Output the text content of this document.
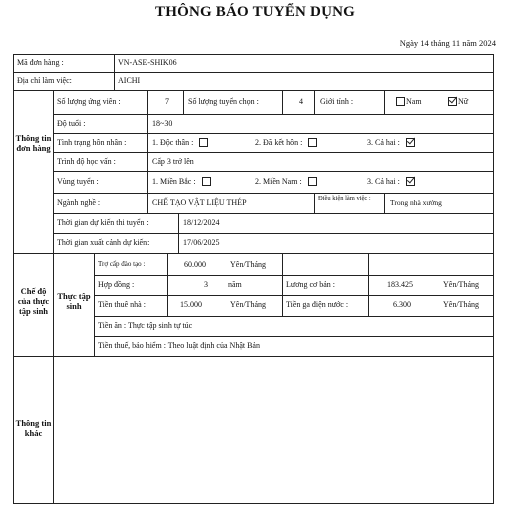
THÔNG BÁO TUYỂN DỤNG
Ngày 14 tháng 11 năm 2024
Mã đơn hàng :	VN-ASE-SHIK06
Địa chỉ làm việc:	AICHI
Thông tin đơn hàng
Số lượng ứng viên :	7 Số lượng tuyển chọn :	4 Giới tính :	Nam	Nữ
Độ tuổi :	18~30
Tình trạng hôn nhân :	1. Độc thân :	2. Đã kết hôn :	3. Cả hai :
Trình độ học vấn :	Cấp 3 trở lên
Vùng tuyển :	1. Miền Bắc :	2. Miền Nam :	3. Cả hai :
Ngành nghề :	CHẾ TẠO VẬT LIỆU THÉP	Điều kiện làm việc :	Trong nhà xưởng
Thời gian dự kiến thi tuyển :	18/12/2024
Thời gian xuất cảnh dự kiến:	17/06/2025
Chế độ của thực tập sinh
Thực tập sinh
Trợ cấp đào tạo :	60.000	Yên/Tháng
Hợp đồng :	3	năm	Lương cơ bản :	183.425	Yên/Tháng
Tiền thuê nhà :	15.000	Yên/Tháng	Tiền ga điện nước :	6.300	Yên/Tháng
Tiền ăn : Thực tập sinh tự túc
Tiền thuế, bảo hiểm : Theo luật định của Nhật Bản
Thông tin khác
